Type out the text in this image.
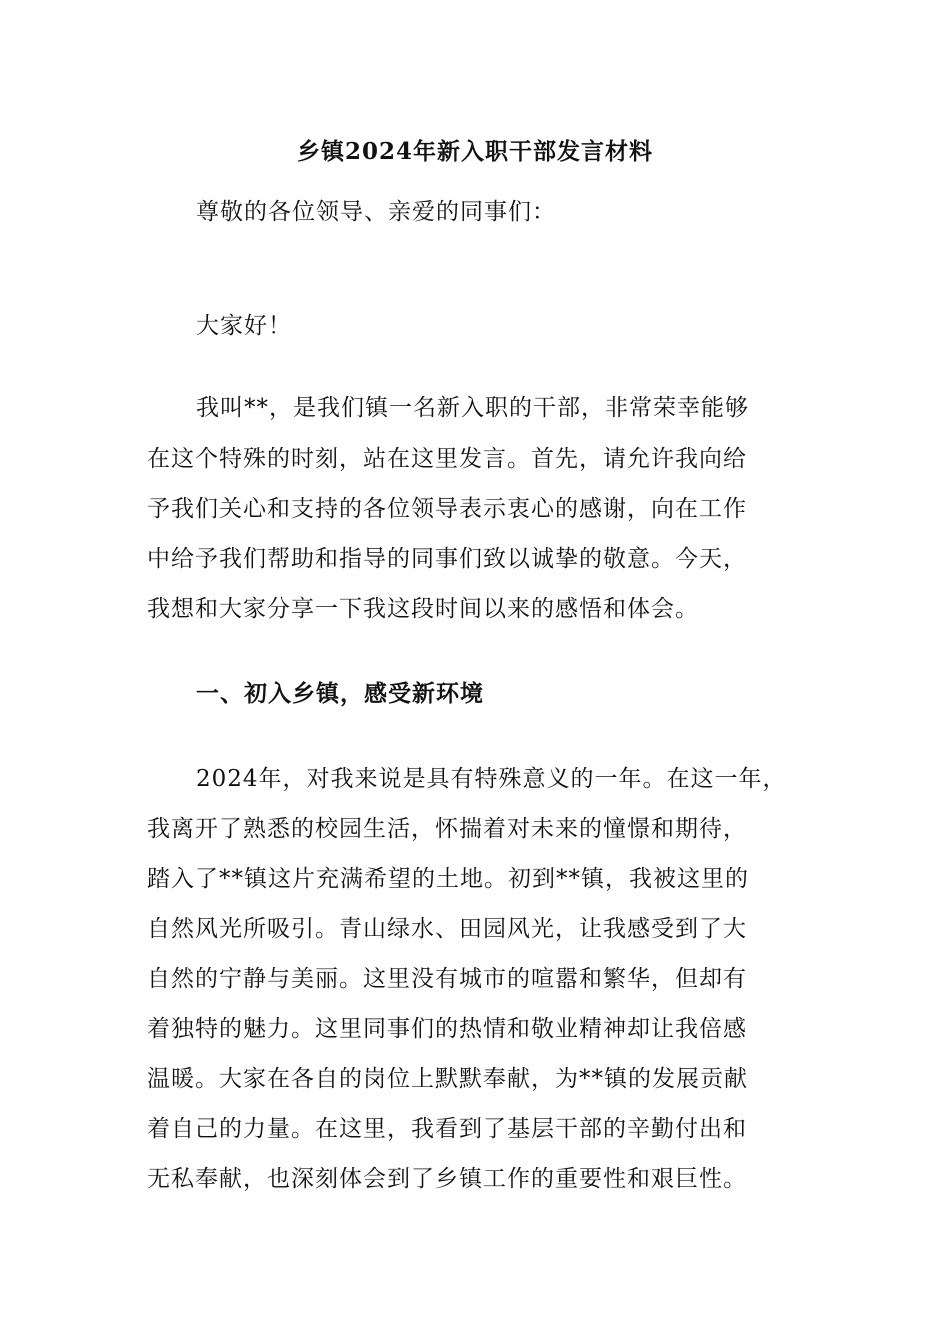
乡镇2024年新入职干部发言材料
尊敬的各位领导、亲爱的同事们：
大家好！
我叫**，是我们镇一名新入职的干部，非常荣幸能够
在这个特殊的时刻，站在这里发言。首先，请允许我向给
予我们关心和支持的各位领导表示衷心的感谢，向在工作
中给予我们帮助和指导的同事们致以诚挚的敬意。今天，
我想和大家分享一下我这段时间以来的感悟和体会。
一、初入乡镇，感受新环境
2024年，对我来说是具有特殊意义的一年。在这一年，
我离开了熟悉的校园生活，怀揣着对未来的憧憬和期待，
踏入了**镇这片充满希望的土地。初到**镇，我被这里的
自然风光所吸引。青山绿水、田园风光，让我感受到了大
自然的宁静与美丽。这里没有城市的喧嚣和繁华，但却有
着独特的魅力。这里同事们的热情和敬业精神却让我倍感
温暖。大家在各自的岗位上默默奉献，为**镇的发展贡献
着自己的力量。在这里，我看到了基层干部的辛勤付出和
无私奉献，也深刻体会到了乡镇工作的重要性和艰巨性。
